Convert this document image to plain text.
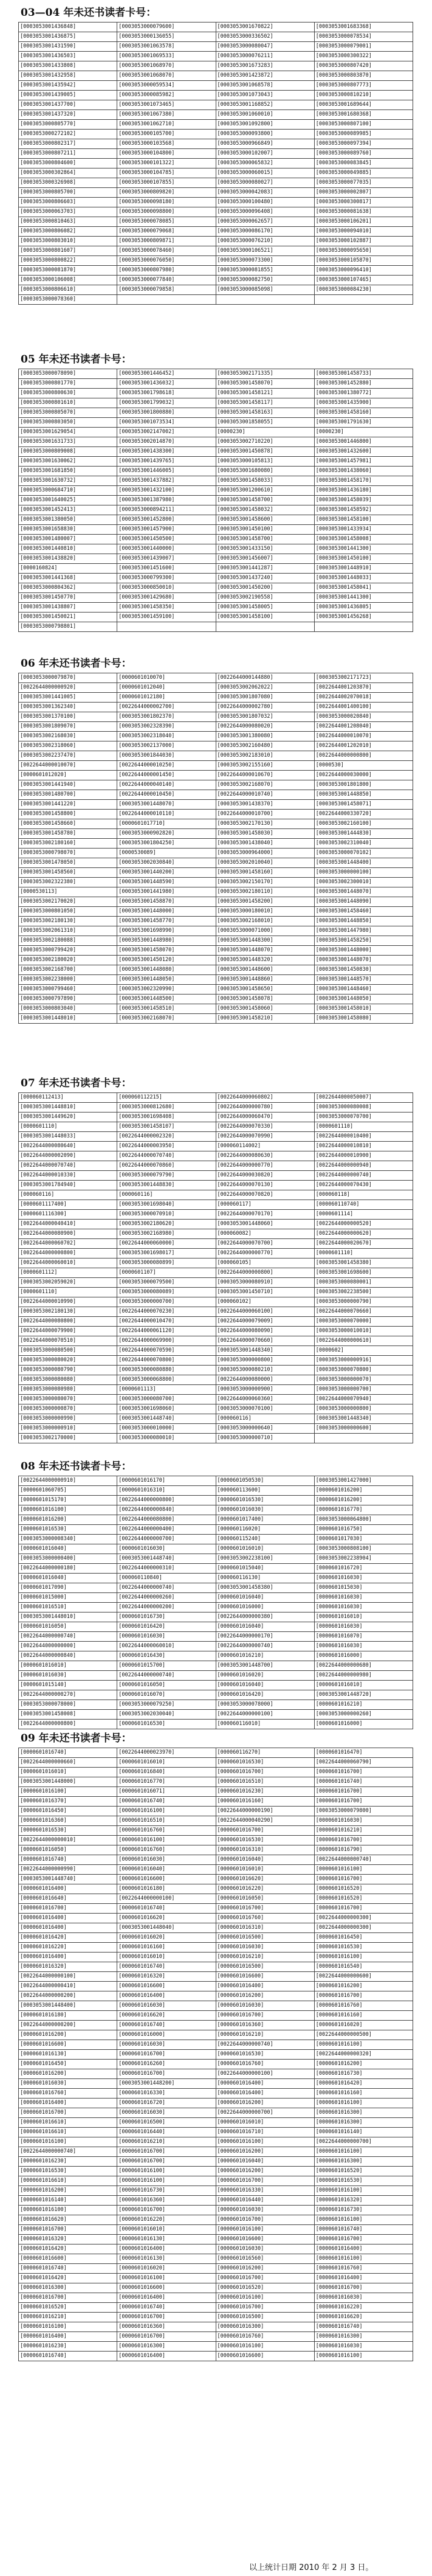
03—04 年未还书读者卡号：
[0003053001436848]	[0003053000079600]	[0003053001670822]	[0003053001683368]
[0003053001436875]	[0003053000136055]	[0003053000336502]	[0003053000078534]
[0003053001431590]	[0003053001063578]	[0003053000080047]	[0003053000079001]
[0003053001436503]	[0003053001069533]	[0003053000076211]	[0003053000300322]
[0003053001433808]	[0003053001068970]	[0003053001673283]	[0003053000807420]
[0003053001432958]	[0003053001068070]	[0003053001423872]	[0003053000803870]
[0003053001435942]	[0003053000059534]	[0003053001068578]	[0003053000807773]
[0003053001439005]	[0003053000085982]	[0003053001073043]	[0003053000810210]
[0003053001437700]	[0003053001073465]	[0003053001168852]	[0003053001689644]
[0003053001437320]	[0003053001067380]	[0003053001060010]	[0003053001680368]
[0003053000805770]	[0003053001062710]	[0003053001092800]	[0003053000807100]
[0003053000272102]	[0003053000105700]	[0003053000093800]	[0003053000089985]
[0003053000802317]	[0003053000103568]	[0003053000966849]	[0003053000097394]
[0003053000807211]	[0003053000104800]	[0003053000102007]	[0003053000089760]
[0003053000804600]	[0003053000101322]	[0003053000065832]	[0003053000083845]
[0003053000302864]	[0003053000104785]	[0003053000060015]	[0003053000049885]
[0003053000326908]	[0003053000107855]	[0003053000080027]	[0003053000077035]
[0003053000805700]	[0003053000809820]	[0003053000042083]	[0003053000002807]
[0003053000806603]	[0003053000098180]	[0003053000100480]	[0003053000300817]
[0003053000063703]	[0003053000098800]	[0003053000096408]	[0003053000081638]
[0003053000810463]	[0003053000078085]	[0003053000062657]	[0003053000106201]
[0003053000806082]	[0003053000079068]	[0003053000086170]	[0003053000094010]
[0003053000803010]	[0003053000809871]	[0003053000076210]	[0003053000102887]
[0003053000801607]	[0003053000078460]	[0003053000106521]	[0003053000095650]
[0003053000800822]	[0003053000076050]	[0003053000073300]	[0003053000105870]
[0003053000081870]	[0003053000807980]	[0003053000081855]	[0003053000096410]
[0003053000106008]	[0003053000077840]	[0003053000082750]	[0003053000107465]
[0003053000806610]	[0003053000079858]	[0003053000085098]	[0003053000084230]
[0003053000078360]			
05 年未还书读者卡号：
[0003053000078090]	[0003053001446452]	[0003053002171335]	[0003053001458733]
[0003053000801770]	[0003053001436032]	[0003053001458070]	[0003053001452880]
[0003053000800630]	[0003053001798618]	[0003053001458121]	[0003053001380772]
[0003053000801610]	[0003053001799032]	[0003053001458117]	[0003053001435900]
[0003053000805070]	[0003053001800880]	[0003053001458163]	[0003053001458160]
[0003053000803050]	[0003053001073534]	[0003053001858055]	[0003053001791630]
[0003053001629054]	[0003053002147002]	[0000230]	[0000230]
[0003053001631733]	[0003053002014870]	[0003053002710220]	[0003053001446800]
[0003053000809008]	[0003053001438300]	[0003053001450878]	[0003053001432600]
[0003053001630062]	[0003053001439765]	[0003053000105813]	[0003053001457981]
[0003053001681850]	[0003053001446005]	[0003053001680080]	[0003053001438060]
[0003053001630732]	[0003053001437882]	[0003053001458033]	[0003053001458170]
[0003053000684710]	[0003053001432100]	[0003053001200610]	[0003053001436180]
[0003053001640025]	[0003053001387980]	[0003053001458700]	[0003053001458039]
[0003053001452413]	[0003053000894211]	[0003053001458032]	[0003053001458592]
[0003053001380050]	[0003053001452800]	[0003053001458600]	[0003053001458100]
[0003053001658830]	[0003053001457900]	[0003053001450100]	[0003053001433934]
[0003053001480007]	[0003053001450500]	[0003053001458700]	[0003053001458008]
[0003053001440810]	[0003053001440000]	[0003053001433150]	[0003053001441300]
[0003053001438820]	[0003053001439007]	[0003053001456007]	[0003053001450100]
[0000160824]	[0003053001451600]	[0003053001441287]	[0003053001448910]
[0003053001441368]	[0003053000799300]	[0003053001437240]	[0003053001448033]
[0003053000804362]	[0003053000850010]	[0003053001450200]	[0003053001458041]
[0003053001450770]	[0003053001429680]	[0003053002190558]	[0003053001441300]
[0003053001438807]	[0003053001458350]	[0003053001458005]	[0003053001436805]
[0003053001450021]	[0003053001459100]	[0003053001458100]	[0003053001456268]
[0003053000798801]			
06 年未还书读者卡号：
[0003053000079870]	[0000601010070]	[0022644000144880]	[0003053002171723]
[0022644000000920]	[0000601012040]	[0003053002062022]	[0022644001203870]
[0003053001441005]	[0000601012180]	[0003053001807080]	[0022644002070018]
[0003053001362340]	[0022644000002700]	[0022644000002780]	[0022644001400100]
[0003053001370100]	[0003053001802370]	[0003053001807032]	[0003053000020840]
[0003053001809070]	[0003053002328390]	[0022644000080020]	[0022644001208040]
[0003053002168030]	[0003053002318040]	[0003053001380080]	[0022644000010070]
[0003053002318060]	[0003053002137000]	[0003053002160480]	[0022644001202010]
[0003053002237470]	[0003053001844030]	[0003053002183010]	[0022644000000800]
[0022644000010070]	[0022644000010250]	[0003053002155160]	[0000530]
[0000601012020]	[0022644000001450]	[0022644000010670]	[0022644000030000]
[0003053001441940]	[0022644000040140]	[0003053002168070]	[0003053001801800]
[0003053001480700]	[0022644000010450]	[0022644000010740]	[0003053001448850]
[0003053001441220]	[0003053001448070]	[0003053001438370]	[0003053001458071]
[0003053001458800]	[0022644000010110]	[0022644000010700]	[0022644000330720]
[0003053001458660]	[0000601017710]	[0003053002170130]	[0003053002160100]
[0003053001458780]	[0003053000902820]	[0003053001458030]	[0003053001444830]
[0003053002180160]	[0003053001804250]	[0003053001438040]	[0003053002310040]
[0003053000798070]	[0000530089]	[0003053000964000]	[0003053000070102]
[0003053001478050]	[0003053002030840]	[0003053002010040]	[0003053001448400]
[0003053001458560]	[0003053001440200]	[0003053001458160]	[0003053000000100]
[0003053002322380]	[0003053001448590]	[0003053002150170]	[0003053002300010]
[0000530113]	[0003053001441980]	[0003053002180110]	[0003053001448070]
[0003053002170020]	[0003053001458870]	[0003053001458200]	[0003053001448090]
[0003053000801050]	[0003053001448000]	[0003053000180010]	[0003053001458460]
[0003053002180130]	[0003053001458770]	[0003053002168010]	[0003053001448850]
[0003053002061310]	[0003053001698990]	[0003053000071000]	[0003053001447980]
[0003053002180088]	[0003053001448980]	[0003053001448300]	[0003053001458250]
[0003053000799420]	[0003053001458070]	[0003053001448070]	[0003053001448000]
[0003053002180020]	[0003053001450120]	[0003053001448320]	[0003053001448070]
[0003053002168700]	[0003053001448080]	[0003053001448600]	[0003053001450830]
[0003053002238000]	[0003053001448050]	[0003053001448860]	[0003053001448570]
[0003053000799460]	[0003053002320990]	[0003053001458650]	[0003053001448460]
[0003053000797890]	[0003053001448500]	[0003053001458078]	[0003053001448050]
[0003053000803040]	[0003053001458510]	[0003053001458060]	[0003053001458010]
[0003053001448010]	[0003053002168070]	[0003053001458210]	[0003053001458080]
07 年未还书读者卡号：
[000060112413]	[000060112215]	[0022644000060802]	[0022644000050007]
[0003053001448810]	[0003053000812680]	[0022644000000780]	[0003053000080008]
[0003053001449620]	[0003053001698408]	[0022644000060470]	[0003053000070700]
[0000601110]	[0003053001458107]	[0022644000070330]	[0000601110]
[0003053001448033]	[0022644000002320]	[0022644000070990]	[0022644000010400]
[0022644000080640]	[0022644000003950]	[000060114002]	[0022644000010810]
[0022644000002090]	[0022644000070740]	[0022644000080630]	[0022644000010900]
[0022644000070740]	[0022644000070860]	[0022644000000770]	[0022644000000940]
[0022644000010330]	[0003053000079790]	[0022644000030820]	[0022644000000740]
[0003053001784940]	[0003053001448830]	[0022644000070130]	[0022644000070430]
[000060116]	[000060116]	[0022644000070820]	[000060118]
[0000601117400]	[0003053001698040]	[000060117]	[000060110740]
[0000601116300]	[0003053000070910]	[0022644000070170]	[0000601114]
[0022644000040410]	[0003053002180620]	[0003053001448060]	[0022644000000520]
[0022644000080900]	[0003053002168980]	[000060082]	[0022644000000620]
[0022644000060702]	[0022644000060000]	[0022644000070700]	[0022644000020670]
[0022644000000800]	[0003053001698017]	[0022644000000770]	[0000601110]
[0022644000060010]	[0003053000080899]	[000060105]	[0003053001458380]
[0000601112]	[0000601107]	[0022644000000800]	[0003053001698600]
[0003053002059020]	[0003053000079500]	[0003053000080910]	[0003053000080001]
[0000601110]	[0003053000080089]	[0003053001450710]	[0003053002238500]
[0022644000010990]	[0003053000000700]	[000060102]	[0003053000000790]
[0003053002180130]	[0022644000070230]	[0022644000060100]	[0022644000070660]
[0022644000080800]	[0022644000010470]	[0022644000079009]	[0003053000070000]
[0022644000079900]	[0022644000061120]	[0022644000080090]	[0003053000010010]
[0022644000070510]	[0022644000069900]	[0022644000070660]	[0022644000000610]
[0003053000080500]	[0022644000070590]	[0003053001448340]	[0000602]
[0003053000080020]	[0022644000070800]	[0003053000000800]	[0003053000000916]
[0003053000080790]	[0003053000080880]	[0003053000080210]	[0003053000070800]
[0003053000080080]	[0003053000068800]	[0022644000080000]	[0003053000000070]
[0003053000080980]	[0000601113]	[0003053000000900]	[0003053000000700]
[0003053000080070]	[0003053000080700]	[0022644000060360]	[0022644000070940]
[0003053000000870]	[0003053001698060]	[0003053000070100]	[0003053000000800]
[0003053000000990]	[0003053001448740]	[000060116]	[0003053001448340]
[0003053000000910]	[0003053000010000]	[0003053000000640]	[0003053000000600]
[0003053002170000]	[0003053000080010]	[0003053000000710]	
08 年未还书读者卡号：
[0022644000000910]	[0000601016170]	[0000601050530]	[0003053001427000]
[0000601060705]	[0000601016310]	[000060113600]	[0000601016200]
[0000601015170]	[0022644000000800]	[0000601016530]	[0000601016200]
[0000601016100]	[0022644000000840]	[0000601016030]	[0000601016770]
[0000601016200]	[0022644000080800]	[0000601017400]	[0003053000064800]
[0000601016530]	[0022644000000400]	[000060116020]	[0000601016750]
[0003053000008340]	[0022644000000700]	[000060115240]	[0000601017030]
[0000601016040]	[0000601016030]	[0000601016010]	[0003053000808100]
[0003053000000400]	[0003053001448740]	[0003053002238100]	[0003053002238904]
[0022644000000180]	[0022644000000310]	[0000601015040]	[0000601016720]
[0000601016040]	[000060110840]	[000060116130]	[0000601016030]
[0000601017090]	[0022644000000740]	[0003053001458380]	[0000601015030]
[0000601015000]	[0022644000000260]	[0000601016040]	[0000601016030]
[0000601016510]	[0022644000000200]	[0000601016000]	[0000601016030]
[0003053001448010]	[0000601016730]	[0022644000000380]	[0000601016010]
[0000601016050]	[0000601016420]	[0000601016040]	[0000601016030]
[0022644000000740]	[0000601016030]	[0022644000000170]	[0000601016070]
[0022644000000000]	[0022644000060010]	[0022644000000740]	[0000601016030]
[0022644000000840]	[0000601016430]	[0000601016210]	[0000601016000]
[0000601016010]	[0000601015700]	[0003053001448700]	[0022644000000680]
[0000601016030]	[0022644000000740]	[0000601016020]	[0022644000000980]
[0000601015140]	[0000601016050]	[0000601016040]	[0000601016010]
[0022644000000270]	[0000601016070]	[0000601016420]	[0003053001448720]
[0003053000078000]	[0003053000079250]	[0003053000078000]	[0000601016210]
[0003053001458008]	[0003053002030040]	[0022644000000100]	[0003053000000260]
[0022644000000800]	[0000601016530]	[000060116010]	[0000601016000]
09 年未还书读者卡号：
[0000601016740]	[0022644000023970]	[000060116270]	[0000601016470]
[0022644000000660]	[0000601016010]	[0000601016530]	[0022644000060790]
[0000601016010]	[0000601016840]	[0000601016700]	[0000601016700]
[0003053001448000]	[0000601016770]	[0000601016510]	[0000601016740]
[0000601016100]	[0000601016071]	[0000601016230]	[0000601016700]
[0000601016370]	[0000601016740]	[0000601016160]	[0000601016700]
[0000601016450]	[0000601016100]	[0022644000000190]	[0003053000079800]
[0000601016360]	[0000601016510]	[0022644000040290]	[0000601016030]
[0000601016530]	[0000601016760]	[0000601016700]	[0000601016210]
[0022644000000010]	[0000601016100]	[0000601016530]	[0000601016700]
[0000601016050]	[0000601016760]	[0000601016310]	[0000601016790]
[0000601016740]	[0000601016030]	[0000601016040]	[0022644000000740]
[0022644000000990]	[0000601016040]	[0000601016010]	[0000601016100]
[0003053001448740]	[0000601016600]	[0000601016620]	[0000601016700]
[0000601016400]	[0000601016180]	[0000601016220]	[0000601016520]
[0000601016640]	[0022644000000100]	[0000601016050]	[0000601016520]
[0000601016700]	[0000601016740]	[0000601016700]	[0000601016700]
[0000601016400]	[0000601016620]	[0000601016760]	[0022644000000300]
[0000601016400]	[0003053001448040]	[0000601016310]	[0022644000000300]
[0000601016420]	[0000601016020]	[0000601016500]	[0000601016450]
[0000601016220]	[0000601016160]	[0000601016030]	[0000601016530]
[0000601016400]	[0000601016010]	[0000601016210]	[0000601016100]
[0000601016320]	[0000601016740]	[0000601016500]	[0000601016540]
[0022644000000100]	[0000601016320]	[0000601016600]	[0022644000000600]
[0022644000000410]	[0000601016600]	[0000601016400]	[0000601016200]
[0022644000000200]	[0000601016400]	[0000601016200]	[0000601016700]
[0003053001448400]	[0000601016030]	[0000601016030]	[0000601016760]
[0000601016180]	[0000601016620]	[0000601016700]	[0000601016160]
[0022644000000200]	[0000601016740]	[0000601016360]	[0000601016020]
[0000601016200]	[0000601016000]	[0000601016210]	[0022644000000500]
[0000601016600]	[0000601016030]	[0022644000000740]	[0000601016100]
[0000601016130]	[0000601016700]	[0000601016530]	[0022644000000320]
[0000601016450]	[0000601016260]	[0000601016760]	[0000601016200]
[0000601016200]	[0000601016700]	[0022644000000100]	[0000601016730]
[0000601016030]	[0003053001448200]	[0000601016400]	[0000601016420]
[0000601016760]	[0000601016330]	[0000601016400]	[0000601016160]
[0000601016400]	[0000601016720]	[0000601016200]	[0000601016100]
[0000601016700]	[0000601016030]	[0022644000000700]	[0000601016300]
[0000601016610]	[0000601016500]	[0000601016010]	[0000601016300]
[0000601016610]	[0000601016440]	[0000601016710]	[0000601016140]
[0000601016100]	[0000601016210]	[0000601016100]	[0022644000000700]
[0022644000000740]	[0000601016700]	[0000601016200]	[0000601016100]
[0000601016230]	[0000601016700]	[0000601016040]	[0000601016300]
[0000601016530]	[0000601016100]	[0000601016200]	[0000601016520]
[0000601016610]	[0000601016100]	[0000601016700]	[0000601016530]
[0000601016200]	[0000601016730]	[0000601016330]	[0000601016100]
[0000601016140]	[0000601016360]	[0000601016440]	[0000601016320]
[0000601016100]	[0000601016700]	[0000601016030]	[0000601016730]
[0000601016620]	[0000601016220]	[0000601016700]	[0000601016100]
[0000601016700]	[0000601016010]	[0000601016100]	[0000601016740]
[0000601016320]	[0000601016130]	[0000601016600]	[0000601016700]
[0000601016420]	[0000601016400]	[0000601016030]	[0000601016400]
[0000601016600]	[0000601016130]	[0000601016560]	[0000601016100]
[0000601016740]	[0000601016020]	[0000601016200]	[0000601016760]
[0000601016420]	[0000601016100]	[0000601016700]	[0000601016400]
[0000601016300]	[0000601016600]	[0000601016520]	[0000601016700]
[0000601016700]	[0000601016400]	[0000601016100]	[0000601016030]
[0000601016520]	[0000601016740]	[0000601016700]	[0000601016220]
[0000601016210]	[0000601016700]	[0000601016500]	[0000601016620]
[0000601016100]	[0000601016360]	[0000601016300]	[0000601016740]
[0000601016400]	[0000601016700]	[0000601016760]	[0000601016300]
[0000601016230]	[0000601016300]	[0000601016100]	[0000601016030]
[0000601016740]	[0000601016400]	[0000601016600]	[0000601016100]
以上统计日期 2010 年 2 月 3 日。
